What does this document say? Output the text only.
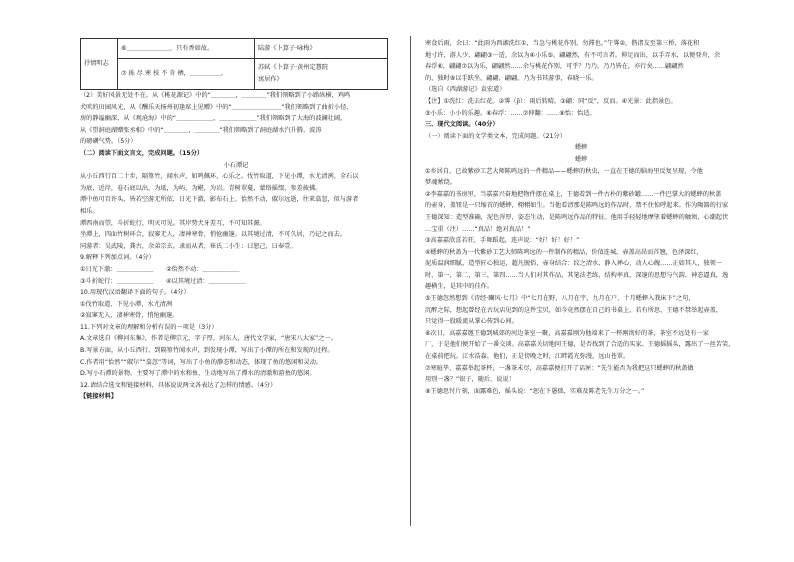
抒情明志	⑥＿＿＿＿＿＿＿，只有香如故。	陆游《卜算子·咏梅》
	⑦ 拣 尽 寒 枝 不 肯 栖，＿＿＿＿＿。	苏轼《卜算子·黄州定慧院
寓居作》

（2）美好风景无处不在。从《桃花源记》中的“＿＿＿＿，＿＿＿＿”我们领略到了小路纵横、鸡鸣

犬吠的田园风光，从《酬乐天扬州初逢席上见赠》中的“＿＿＿＿＿＿＿＿”我们领略到了曲折小径，

房的静谧幽深，从《观沧海》中的“＿＿＿＿＿＿，＿＿＿＿＿＿”我们领略到了大海的波澜壮阔，

从《望洞庭湖赠张丞相》中的“＿＿＿＿，＿＿＿＿”我们领略到了洞庭湖水汽升腾、波涛

的磅礴气势。（5分）

（二）阅读下面文言文，完成问题。（15分）

小石潭记

从小丘西行百二十步，隔篁竹，闻水声，如鸣佩环，心乐之。伐竹取道，下见小潭，水尤清冽。全石以

为底，近岸，卷石底以出，为坻，为屿，为嵁，为岩。青树翠蔓，蒙络摇缀，参差披拂。

潭中鱼可百许头，皆若空游无所依，日光下澈，影布石上。佁然不动，俶尔远逝，往来翕忽，似与游者

相乐。

潭西南而望，斗折蛇行，明灭可见。其岸势犬牙差互，不可知其源。

坐潭上，四面竹树环合，寂寥无人，凄神寒骨，悄怆幽邃。以其境过清，不可久居，乃记之而去。

同游者：吴武陵，龚古，余弟宗玄。隶而从者，崔氏二小生：曰恕己，曰奉壹。

9.解释下列加点词。（4分）

①日光下澈：＿＿＿＿＿＿　　②佁然不动：＿＿＿＿＿＿

③斗折蛇行：＿＿＿＿＿＿　　④以其境过清：＿＿＿＿＿＿

10.用现代汉语翻译下面的句子。（4分）

①伐竹取道，下见小潭，水尤清冽

②寂寥无人，凄神寒骨，悄怆幽邃。

11.下列对文章的理解和分析有误的一项是（3分）

A.文章选自《柳河东集》，作者是柳宗元，字子厚，河东人，唐代文学家，“唐宋八大家”之一。

B.写景方面，从小丘西行，到隔篁竹闻水声，到发现小潭，写出了小潭的所在和发现的过程。

C.作者用“佁然”“俶尔”“翕忽”等词，写出了小鱼的静态和动态，体现了鱼的悠闲和灵动。

D.写小石潭的景物，主要写了潭中的水和鱼，生动地写出了潭水的清澈和游鱼的悠闲。

12.请结合选文和链接材料，具体说说两文各表达了怎样的情感。（4分）

【链接材料】

寒食后雨，余曰：“此雨为西湖洗红①，当急与桃花作别，勿滞也。”午霁②，偕诸友至第三桥，落花积

地寸许，游人少，翩翩③一适。余以为④小乐⑤。翩翩然，有不可言者。伸足而出，以手弄水，以便登舟，余

春浮⑥，翩翩⑦以为乐，翩翩然……余与桃花作别，可乎？乃乃，乃乃皆在，亦行矣……翩翩然

的，独时⑧以手趺坐，翩翩，翩翩。乃为书其游事，春晓一乐。

（选自《西湖游记》袁宏道）

【注】①洗红：洗去红花。②霁（jì）：雨后转晴。③翩：同“反”，反而。④光景：此指景色。

⑤小乐：小小的乐趣。⑥春浮：……⑦伸翻：……⑧怡：怡适。

三、现代文阅读。（40分）

（一）阅读下面的文学类文本，完成问题。（21分）

蟋蟀

蟋蟀

①乡居自，已故紫砂工艺大师陈鸣远的一件精品——蟋蟀的秋虫，一直在王德的脑海里反复呈现，令他

梦魂萦绕。

②李嘉嘉的书房里，当嘉嘉兴奋地把物件摆在桌上，王德看到一件古朴的紫砂罐……一件巴掌大的蟋蟀的秋盖

的壶身，盖钮是一只缩首的蟋蟀，栩栩如生。当他看清那是陈鸣远的作品时，禁不住惊呼起来。作为陶器的行家

王德深知：造型准确，泥色浑厚，姿态生动，是陈鸣远作品的特征。他用手轻轻地摩挲着蟋蟀的触须，心潮起伏

…宝重（注）……“真品！绝对真品！”

③高嘉嘉欣喜若狂，手舞蹈起，连声说：“好！好！好！”

④蟋蟀的秋盖为一代紫砂工艺大师陈鸣远的一件制作的精品，价值连城。壶盖高昂而首翘，色泽深红，

泥质温润细腻，造型匠心独运，超凡脱俗，壶身结合：纹之清水，静入禅心，动人心魄……正如其人，独领一

时，第一，第二，第三，第四……当人们对其作品，其笔法老练，结构率真，深邃的思想与气韵，神态逼真，逸

趣横生，是其中的佳作。

⑤王德忽然想到《诗经·豳风·七月》中“七月在野，八月在宇，九月在户，十月蟋蟀入我床下”之句，

沉醉之际，想起曾经在古玩店见到的这件宝贝，如今竟然摆在自己的书桌上，若有所思，王德不禁举起壶盖，

只觉得一股暖流从掌心传到心间。

⑥次日，高嘉嘉邀王德到城郊的河边茶室一聚，高嘉嘉刚为他端来了一杯刚沏好的茶，茶室不远处有一家

厂，于是他们便开始了一番交谈。高嘉嘉关切地问王德，是否找到了合适的买家。王德摇摇头，露出了一丝苦笑，

在桌前把玩。江水浩淼，他们，正是傍晚之时，江畔霞光弥漫，远山苍翠。

⑦寒暄毕，嘉嘉举起茶杯，一盏茶未尽，高嘉嘉便打开了话匣：“先生能否为我把这只蟋蟀的秋盖做

用别一盏？”银子，随后，说说！

⑧王德思忖片刻，面露难色，摇头说：“恕在下愚拙，实难及陈老先生万分之一。”
